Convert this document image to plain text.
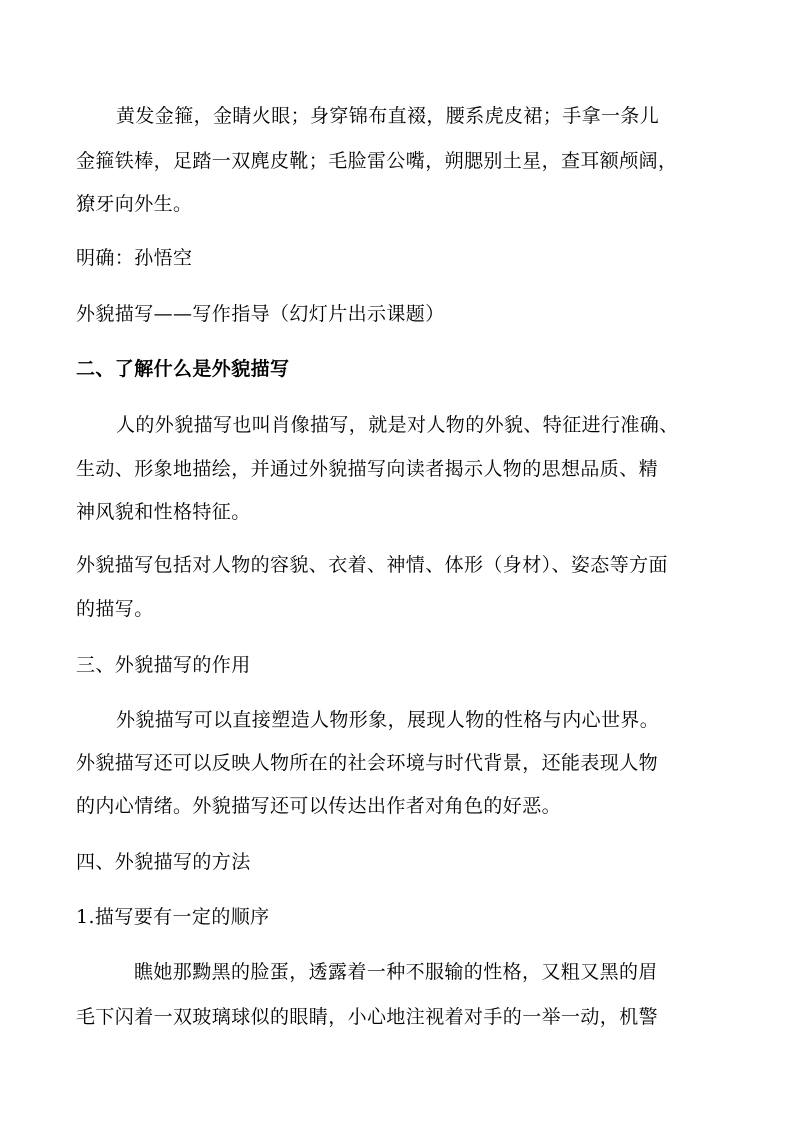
黄发金箍，金睛火眼；身穿锦布直裰，腰系虎皮裙；手拿一条儿
金箍铁棒，足踏一双麂皮靴；毛脸雷公嘴，朔腮别土星，查耳额颅阔，
獠牙向外生。
明确：孙悟空
外貌描写——写作指导（幻灯片出示课题）
二、了解什么是外貌描写
人的外貌描写也叫肖像描写，就是对人物的外貌、特征进行准确、
生动、形象地描绘，并通过外貌描写向读者揭示人物的思想品质、精
神风貌和性格特征。
外貌描写包括对人物的容貌、衣着、神情、体形（身材）、姿态等方面
的描写。
三、外貌描写的作用
外貌描写可以直接塑造人物形象，展现人物的性格与内心世界。
外貌描写还可以反映人物所在的社会环境与时代背景，还能表现人物
的内心情绪。外貌描写还可以传达出作者对角色的好恶。
四、外貌描写的方法
1.描写要有一定的顺序
瞧她那黝黑的脸蛋，透露着一种不服输的性格，又粗又黑的眉
毛下闪着一双玻璃球似的眼睛，小心地注视着对手的一举一动，机警
